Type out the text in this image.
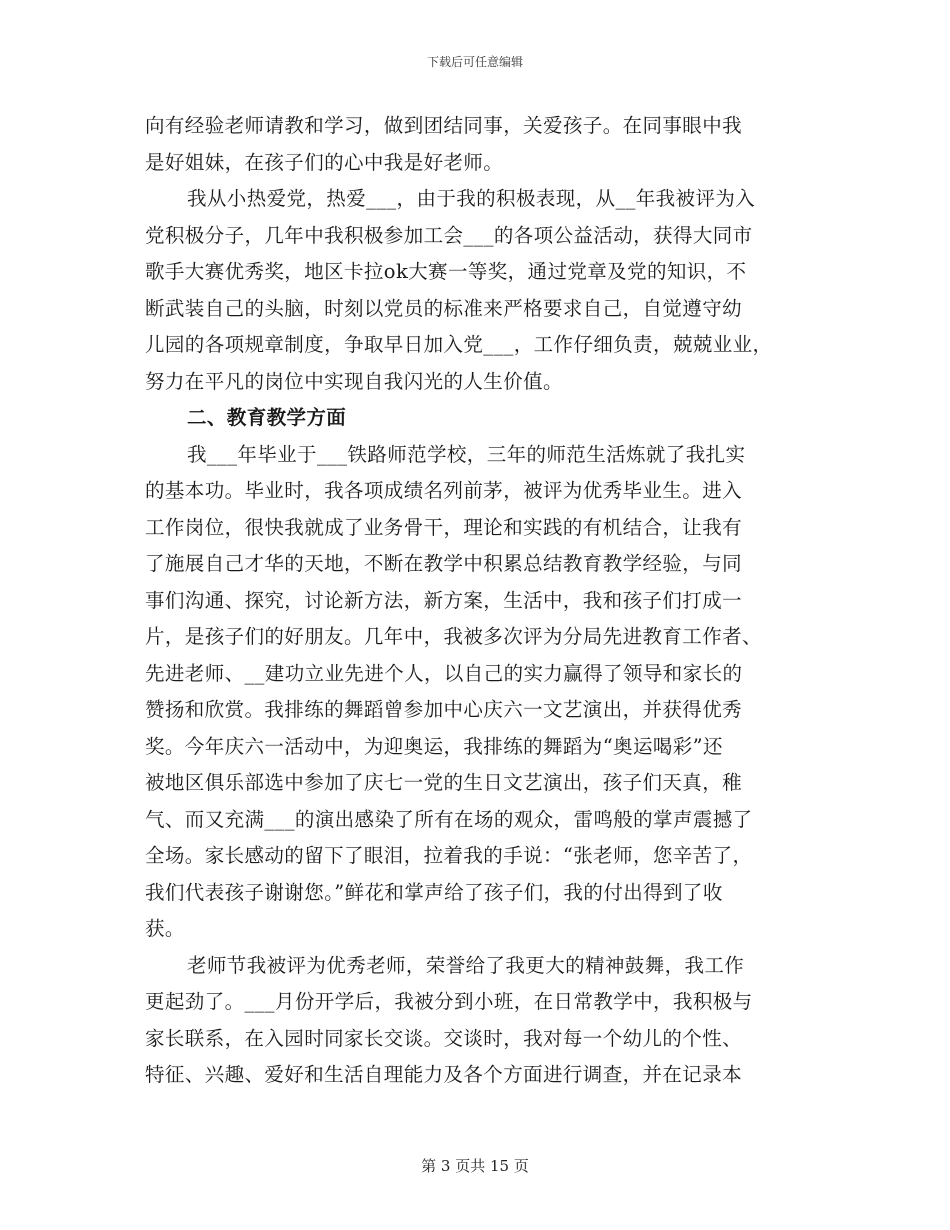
下载后可任意编辑
向有经验老师请教和学习，做到团结同事，关爱孩子。在同事眼中我
是好姐妹，在孩子们的心中我是好老师。
我从小热爱党，热爱___，由于我的积极表现，从__年我被评为入
党积极分子，几年中我积极参加工会___的各项公益活动，获得大同市
歌手大赛优秀奖，地区卡拉ok大赛一等奖，通过党章及党的知识，不
断武装自己的头脑，时刻以党员的标准来严格要求自己，自觉遵守幼
儿园的各项规章制度，争取早日加入党___，工作仔细负责，兢兢业业，
努力在平凡的岗位中实现自我闪光的人生价值。
二、教育教学方面
我___年毕业于___铁路师范学校，三年的师范生活炼就了我扎实
的基本功。毕业时，我各项成绩名列前茅，被评为优秀毕业生。进入
工作岗位，很快我就成了业务骨干，理论和实践的有机结合，让我有
了施展自己才华的天地，不断在教学中积累总结教育教学经验，与同
事们沟通、探究，讨论新方法，新方案，生活中，我和孩子们打成一
片，是孩子们的好朋友。几年中，我被多次评为分局先进教育工作者、
先进老师、__建功立业先进个人，以自己的实力赢得了领导和家长的
赞扬和欣赏。我排练的舞蹈曾参加中心庆六一文艺演出，并获得优秀
奖。今年庆六一活动中，为迎奥运，我排练的舞蹈为“奥运喝彩”还
被地区俱乐部选中参加了庆七一党的生日文艺演出，孩子们天真，稚
气、而又充满___的演出感染了所有在场的观众，雷鸣般的掌声震撼了
全场。家长感动的留下了眼泪，拉着我的手说：“张老师，您辛苦了，
我们代表孩子谢谢您。”鲜花和掌声给了孩子们，我的付出得到了收
获。
老师节我被评为优秀老师，荣誉给了我更大的精神鼓舞，我工作
更起劲了。___月份开学后，我被分到小班，在日常教学中，我积极与
家长联系，在入园时同家长交谈。交谈时，我对每一个幼儿的个性、
特征、兴趣、爱好和生活自理能力及各个方面进行调查，并在记录本
第 3 页共 15 页
